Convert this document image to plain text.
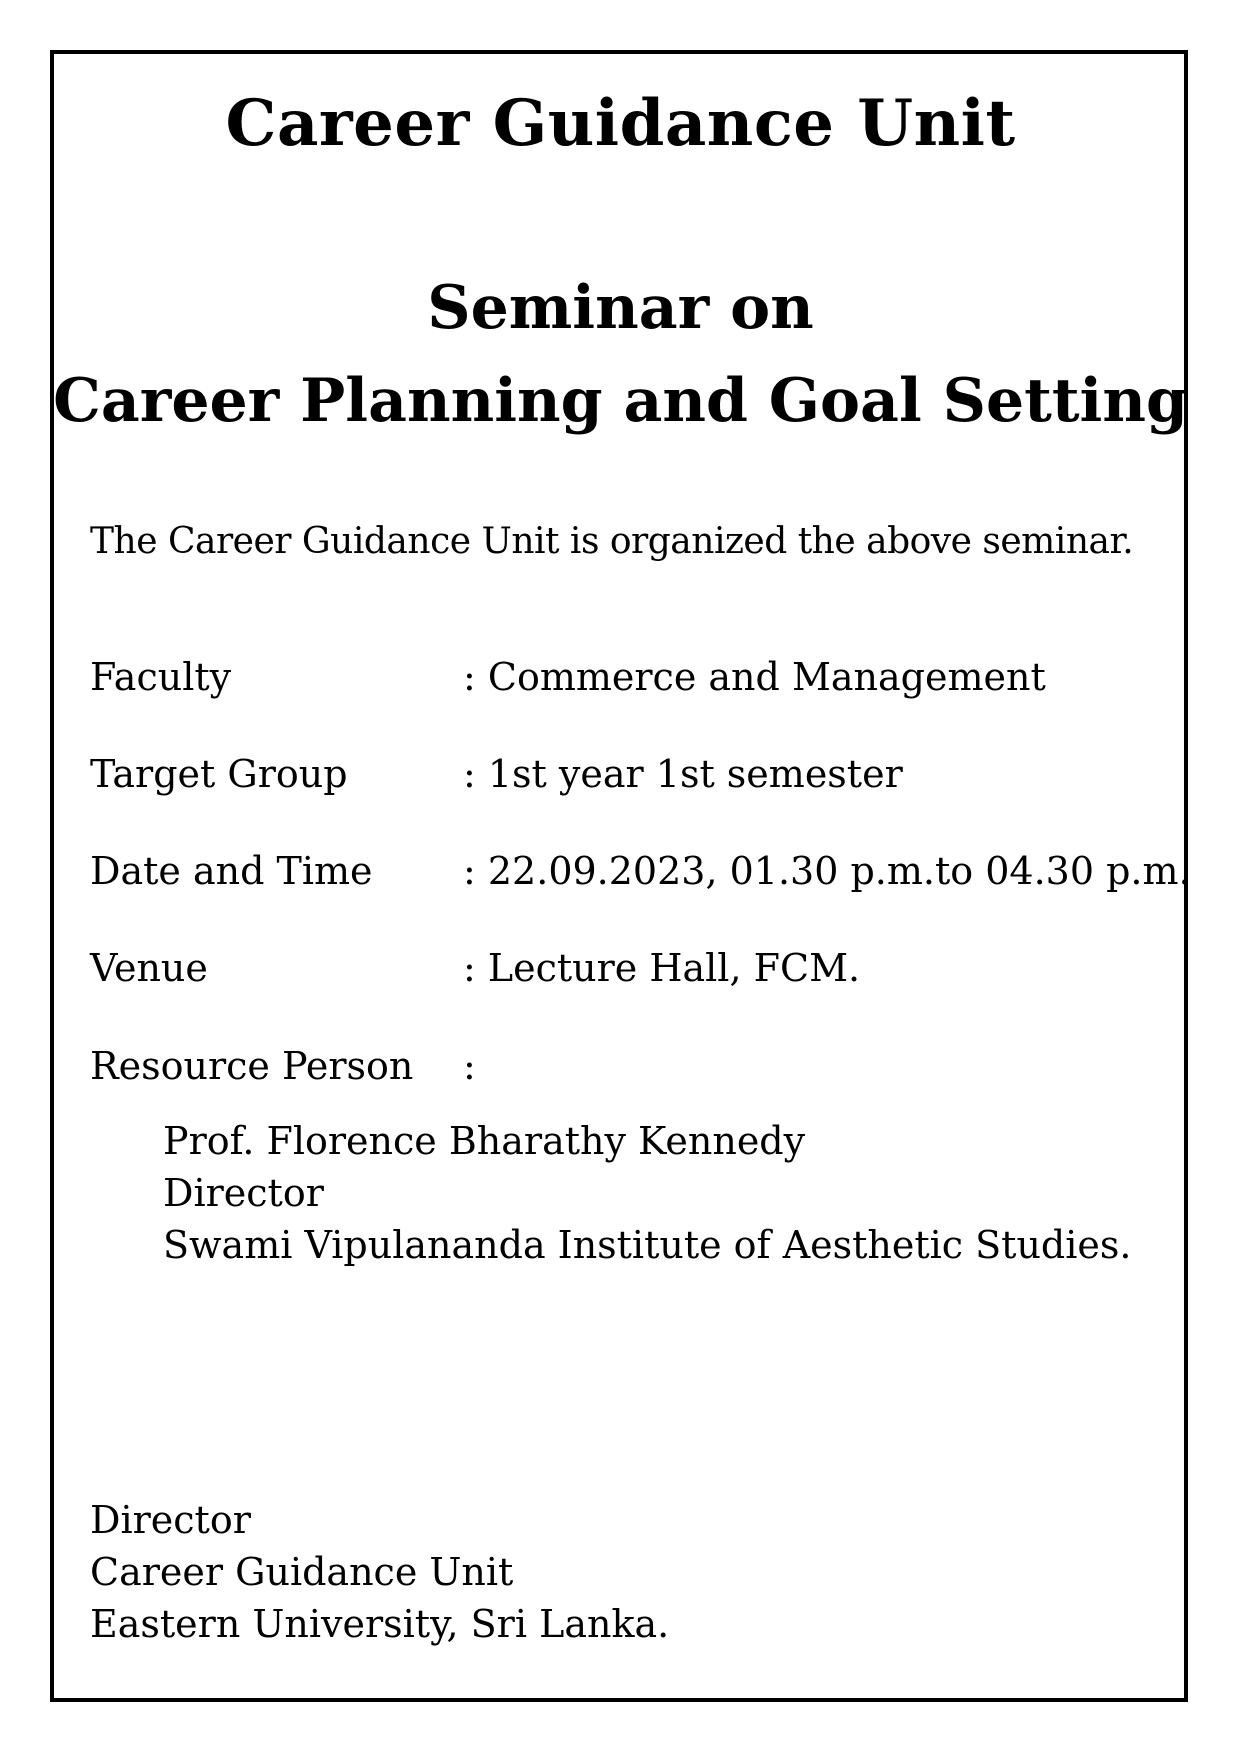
Career Guidance Unit
Seminar on
Career Planning and Goal Setting
The Career Guidance Unit is organized the above seminar.
Faculty	: Commerce and Management
Target Group	: 1st year 1st semester
Date and Time : 22.09.2023, 01.30 p.m.to 04.30 p.m.
Venue	: Lecture Hall, FCM.
Resource Person :
Prof. Florence Bharathy Kennedy
Director
Swami Vipulananda Institute of Aesthetic Studies.
Director
Career Guidance Unit
Eastern University, Sri Lanka.
